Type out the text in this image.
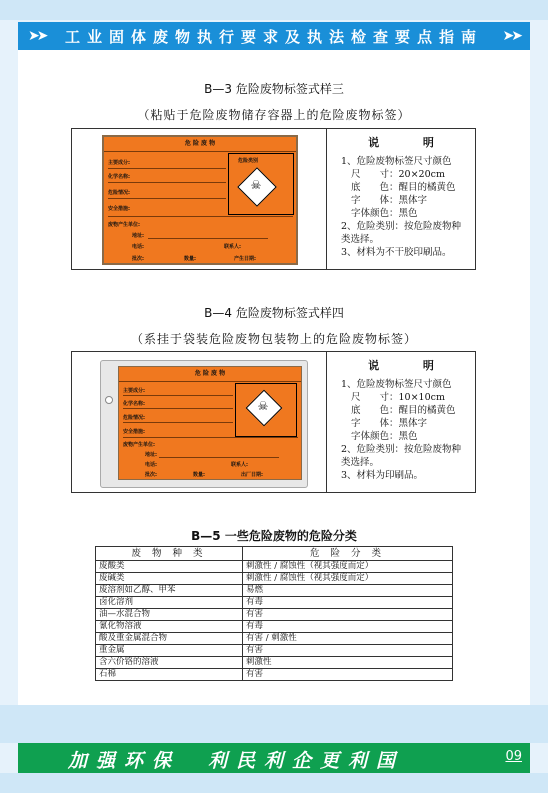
➤➤ 工业固体废物执行要求及执法检查要点指南 ➤➤
B—3 危险废物标签式样三
（粘贴于危险废物储存容器上的危险废物标签）
危 险 废 物
主要成分:
化学名称:
危险情况:
安全措施:
废物产生单位:
地址:
电话:	联系人:
批次:	数量:	产生日期:
危险类别
☠
说 明
1、危险废物标签尺寸颜色
尺　　寸：20×20cm
底　　色：醒目的橘黄色
字　　体：黑体字
字体颜色：黑色
2、危险类别：按危险废物种类选择。
3、材料为不干胶印刷品。
B—4 危险废物标签式样四
（系挂于袋装危险废物包装物上的危险废物标签）
危 险 废 物
主要成分:
化学名称:
危险情况:
安全措施:
废物产生单位:
地址:
电话:	联系人:
批次:	数量:	出厂日期:
☠
说 明
1、危险废物标签尺寸颜色
尺　　寸：10×10cm
底　　色：醒目的橘黄色
字　　体：黑体字
字体颜色：黑色
2、危险类别：按危险废物种类选择。
3、材料为印刷品。
B—5 一些危险废物的危险分类
废 物 种 类	危 险 分 类
废酸类	刺激性 / 腐蚀性（视其强度而定）
废碱类	刺激性 / 腐蚀性（视其强度而定）
废溶剂如乙醇、甲苯	易燃
卤化溶剂	有毒
油—水混合物	有害
氰化物溶液	有毒
酸及重金属混合物	有害 / 刺激性
重金属	有害
含六价铬的溶液	刺激性
石棉	有害
加强环保　利民利企更利国	09
